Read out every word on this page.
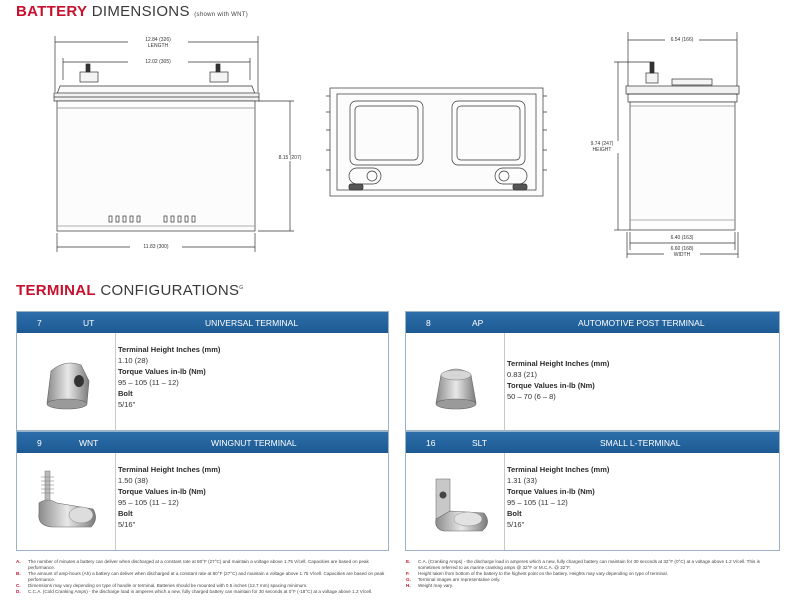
BATTERY DIMENSIONS (shown with WNT)
12.84 (326)
LENGTH
12.02 (305)
8.15 (207)
11.83 (300)
6.54 (166)
9.74 (247)
HEIGHT
6.40 (163)
6.60 (168)
WIDTH
TERMINAL $CONFIGURATIONS^G$
7	UT	UNIVERSAL TERMINAL
Terminal Height Inches (mm)
1.10 (28)
Torque Values in-lb (Nm)
95 – 105 (11 – 12)
Bolt
5/16"
8	AP	AUTOMOTIVE POST TERMINAL
Terminal Height Inches (mm)
0.83 (21)
Torque Values in-lb (Nm)
50 – 70 (6 – 8)
9	WNT	WINGNUT TERMINAL
Terminal Height Inches (mm)
1.50 (38)
Torque Values in-lb (Nm)
95 – 105 (11 – 12)
Bolt
5/16"
16	SLT	SMALL L-TERMINAL
Terminal Height Inches (mm)
1.31 (33)
Torque Values in-lb (Nm)
95 – 105 (11 – 12)
Bolt
5/16"
A.	The number of minutes a battery can deliver when discharged at a constant rate at 80°F (27°C) and maintain a voltage above 1.75 V/cell. Capacities are based on peak performance.
B.	The amount of amp-hours (Ah) a battery can deliver when discharged at a constant rate at 80°F (27°C) and maintain a voltage above 1.75 V/cell. Capacities are based on peak performance.
C.	Dimensions may vary depending on type of handle or terminal. Batteries should be mounted with 0.5 inches (12.7 mm) spacing minimum.
D.	C.C.A. (Cold Cranking Amps) - the discharge load in amperes which a new, fully charged battery can maintain for 30 seconds at 0°F (-18°C) at a voltage above 1.2 V/cell.
E.	C.A. (Cranking Amps) - the discharge load in amperes which a new, fully charged battery can maintain for 30 seconds at 32°F (0°C) at a voltage above 1.2 V/cell. This is sometimes referred to as marine cranking amps @ 32°F or M.C.A. @ 32°F.
F.	Height taken from bottom of the battery to the highest point on the battery. Heights may vary depending on type of terminal.
G.	Terminal images are representative only.
H.	Weight may vary.
